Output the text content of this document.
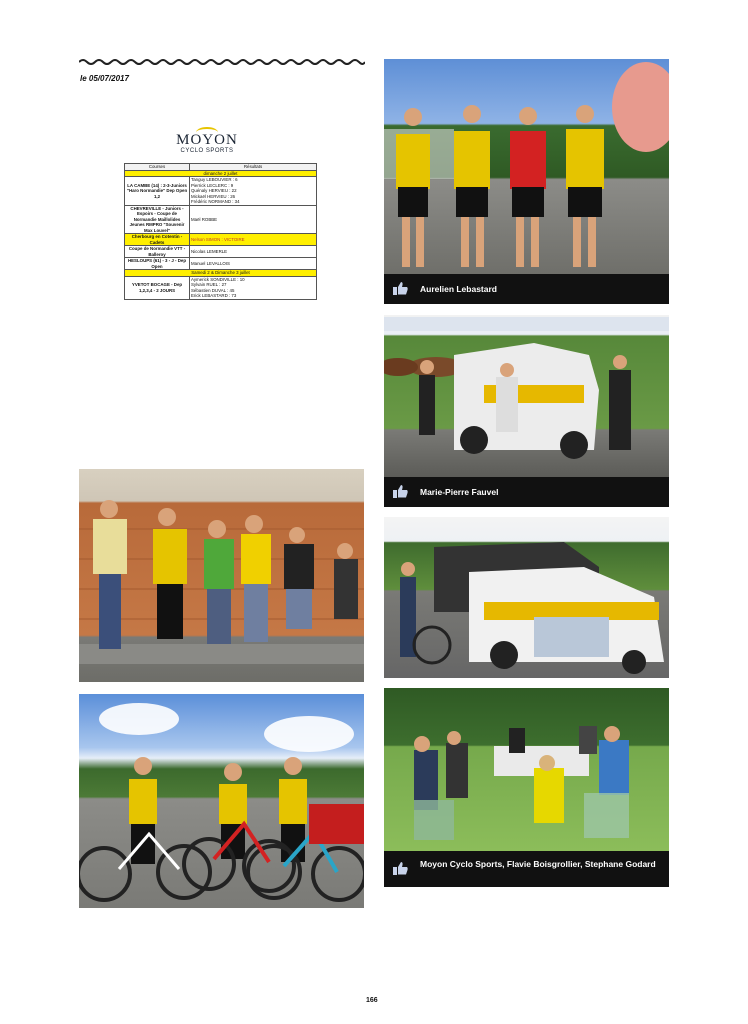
le 05/07/2017
MOYON
CYCLO SPORTS
Courses	Résultats
dimanche 2 juillet	
LA CAMBE (14) : 2-3-Juniors "Haro Normandie" Dep Open 1,2	Tanguy LEBOUVIER : 6
Pierrick LECLERC : 9
Quénaly HERVIEU : 22
Mickaël HERVIEU : 26
Frédéric NORMAND : 34

CHEVREVILLE - Juniors - Espoirs - Coupe de Normandie Maillolides Jeunes RMPRO "Souvenir Max Louvel"	Maël ROBBE

Cherbourg en Cotentin - Cadets	Nelson SIMON : VICTOIRE

Coupe de Normandie VTT - Balleroy	Nicolas LEMERLE

HESLOUPS (61) - 3 - J - Dep Open	Manuel LEVALLOIS

Samedi 2 & Dimanche 3 juillet	
YVETOT BOCAGE - Dep 1,2,3,4 - 2 JOURS	Aymerick SONDIVILLE : 10
Sylvain RUEL : 27
Sébastien DUVAL : 45
Erick LEBASTARD : 73
Aurelien Lebastard
Marie-Pierre Fauvel
Moyon Cyclo Sports, Flavie Boisgrollier, Stephane Godard
166
